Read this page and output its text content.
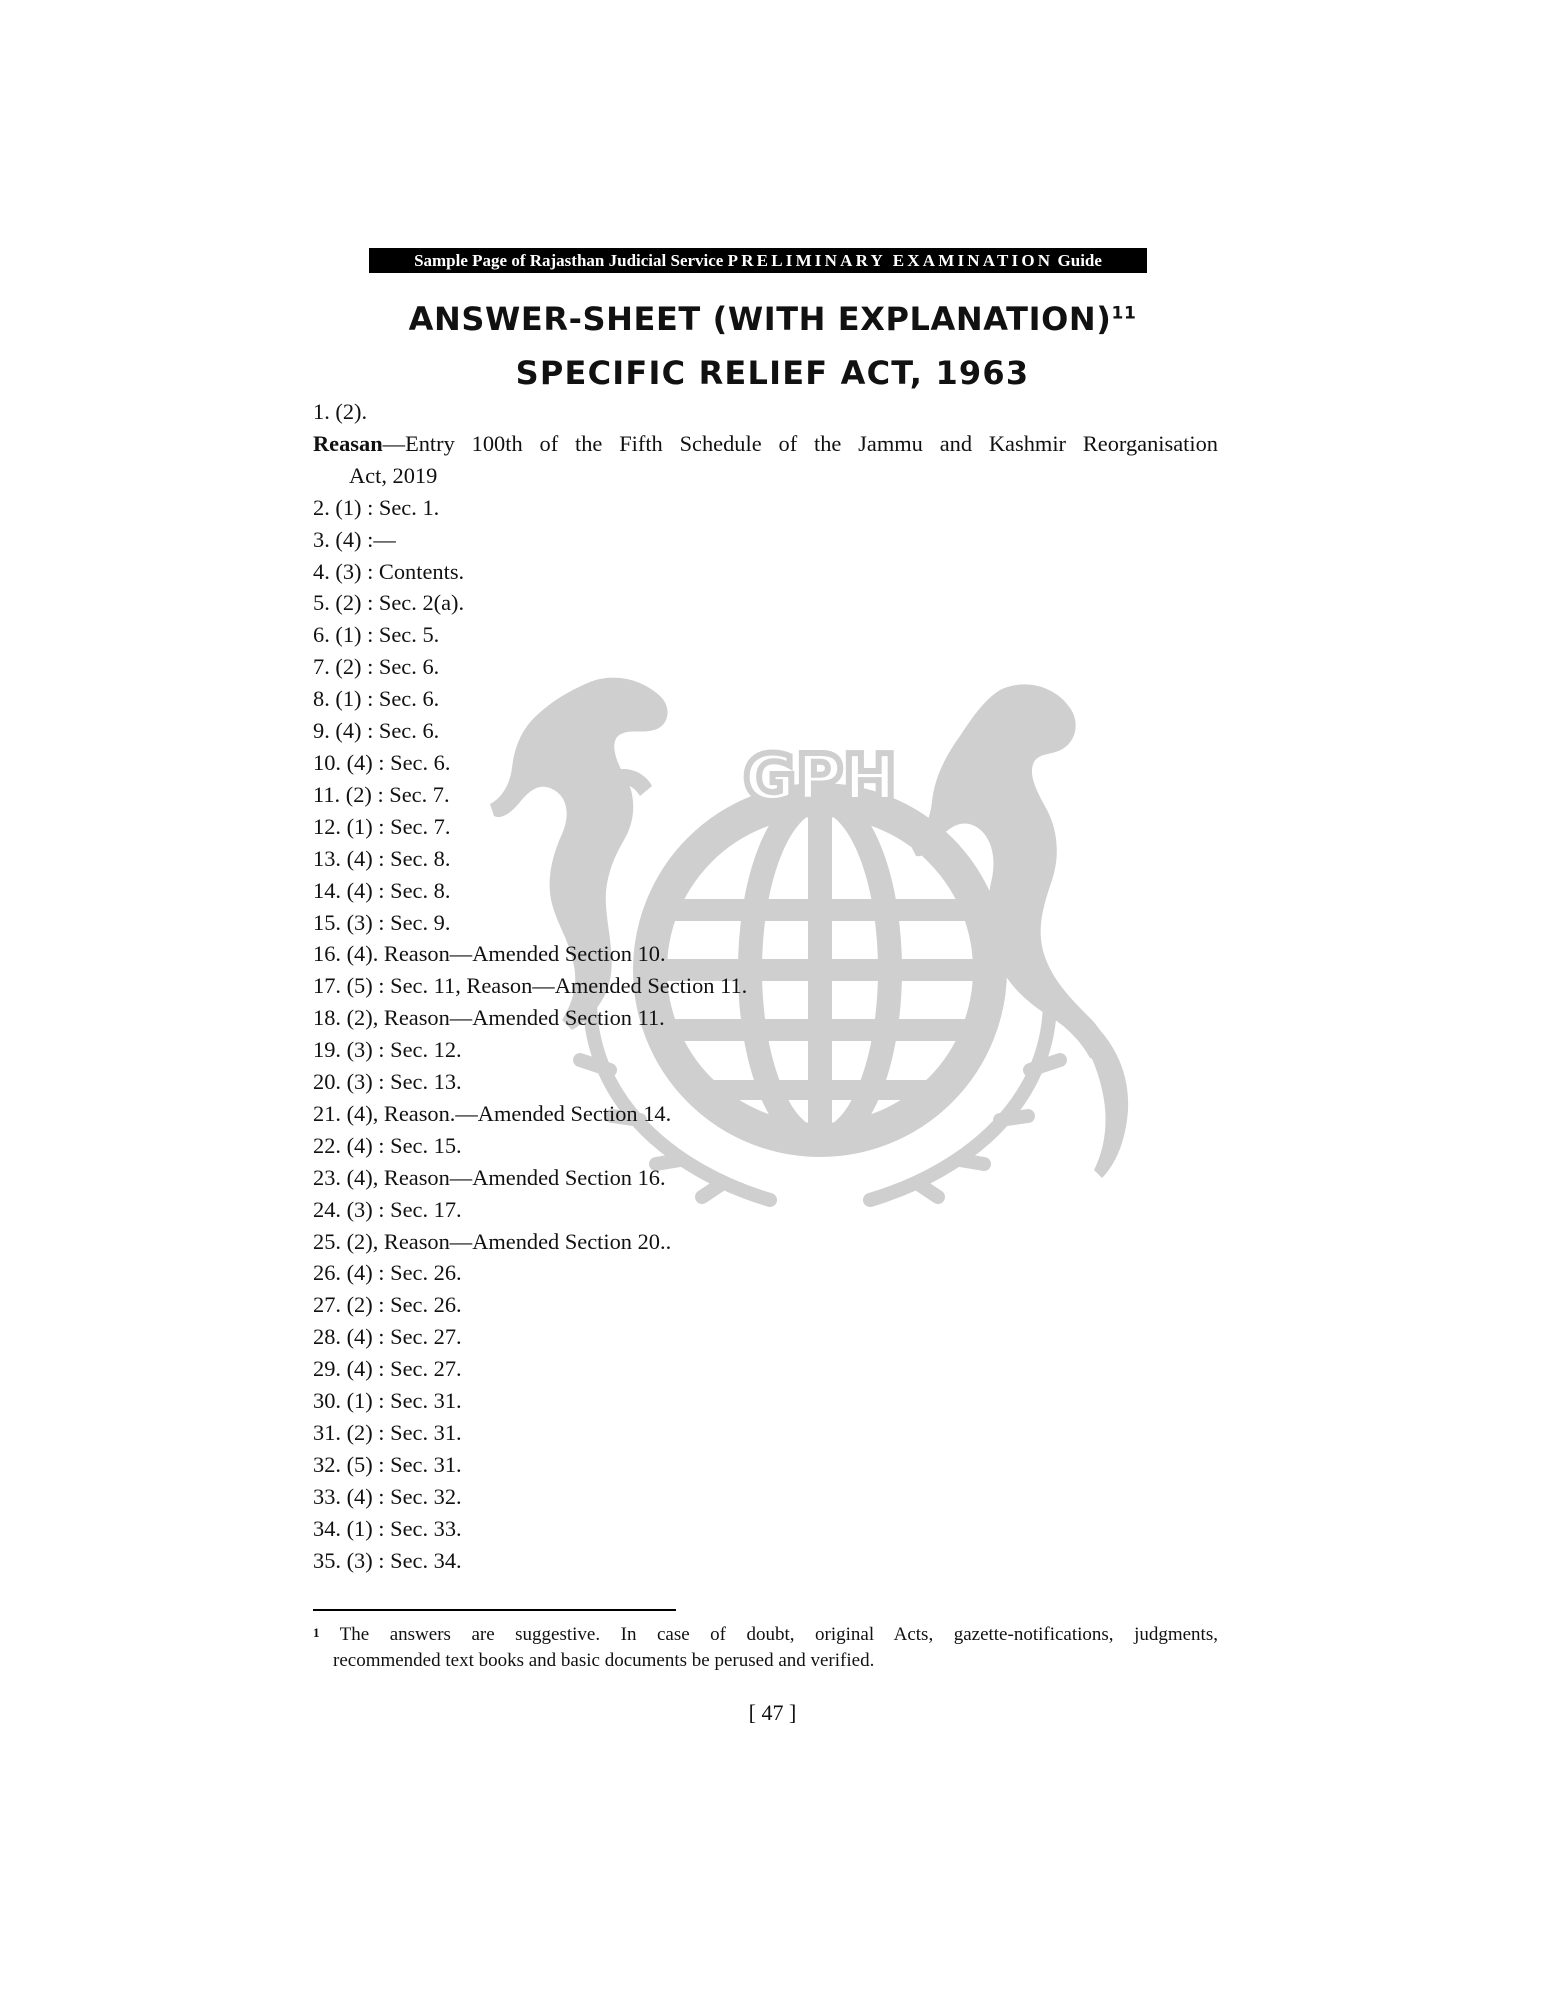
GPH
Sample Page of Rajasthan Judicial Service PRELIMINARY EXAMINATION Guide
ANSWER-SHEET (WITH EXPLANATION)$^{11}$
SPECIFIC RELIEF ACT, 1963
1. (2).
Reasan—Entry 100th of the Fifth Schedule of the Jammu and Kashmir Reorganisation
Act, 2019
2. (1) : Sec. 1.
3. (4) :—
4. (3) : Contents.
5. (2) : Sec. 2(a).
6. (1) : Sec. 5.
7. (2) : Sec. 6.
8. (1) : Sec. 6.
9. (4) : Sec. 6.
10. (4) : Sec. 6.
11. (2) : Sec. 7.
12. (1) : Sec. 7.
13. (4) : Sec. 8.
14. (4) : Sec. 8.
15. (3) : Sec. 9.
16. (4). Reason—Amended Section 10.
17. (5) : Sec. 11, Reason—Amended Section 11.
18. (2), Reason—Amended Section 11.
19. (3) : Sec. 12.
20. (3) : Sec. 13.
21. (4), Reason.—Amended Section 14.
22. (4) : Sec. 15.
23. (4), Reason—Amended Section 16.
24. (3) : Sec. 17.
25. (2), Reason—Amended Section 20..
26. (4) : Sec. 26.
27. (2) : Sec. 26.
28. (4) : Sec. 27.
29. (4) : Sec. 27.
30. (1) : Sec. 31.
31. (2) : Sec. 31.
32. (5) : Sec. 31.
33. (4) : Sec. 32.
34. (1) : Sec. 33.
35. (3) : Sec. 34.
$^1$ The answers are suggestive. In case of doubt, original Acts, gazette-notifications, judgments,
recommended text books and basic documents be perused and verified.
[ 47 ]
